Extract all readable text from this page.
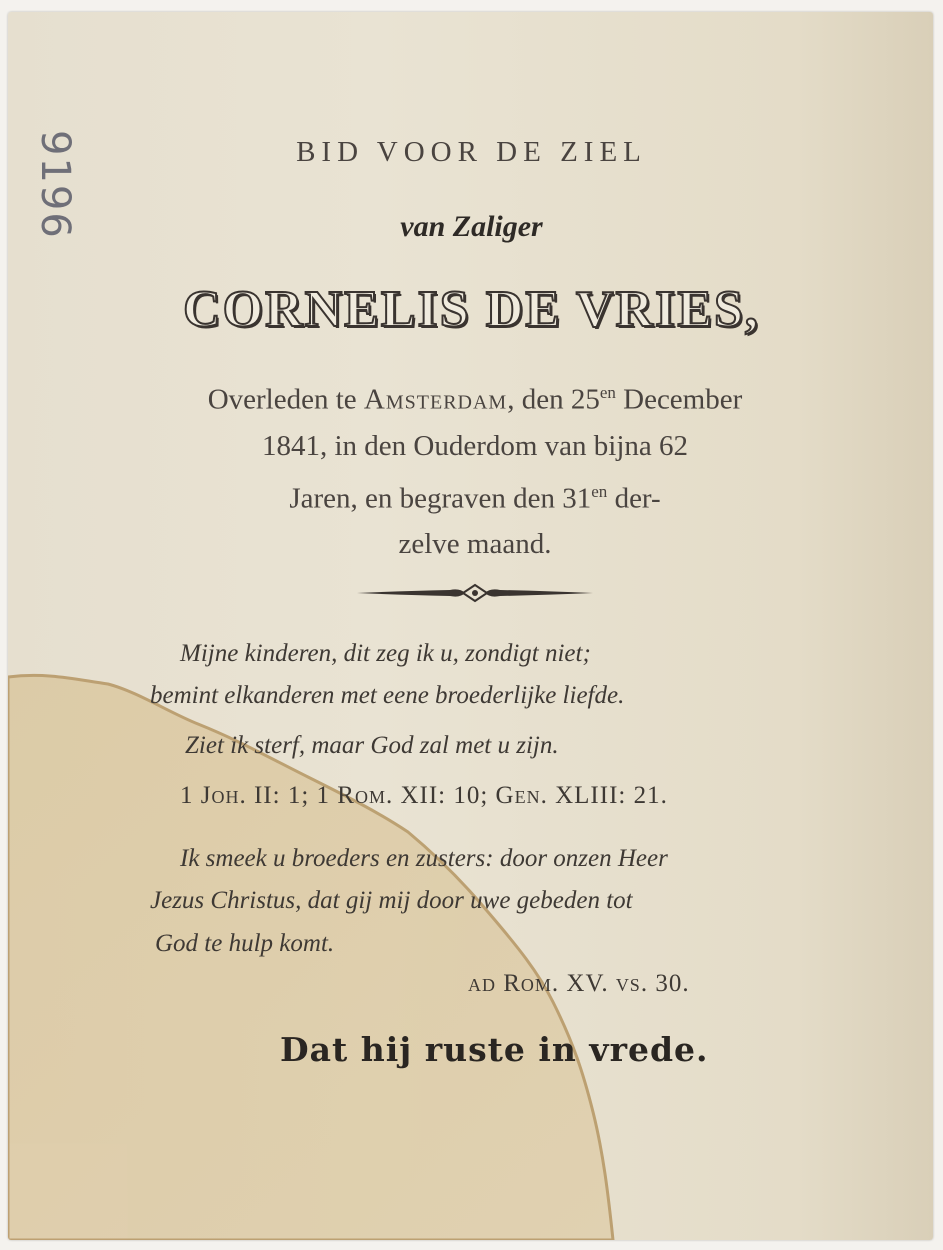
9196	BID VOOR DE ZIEL
van Zaliger
CORNELIS DE VRIES,
Overleden te Amsterdam, den $25^{en}$ December
1841, in den Ouderdom van bijna 62
Jaren, en begraven den $31^{en}$ der-
zelve maand.
Mijne kinderen, dit zeg ik u, zondigt niet;
bemint elkanderen met eene broederlijke liefde.
Ziet ik sterf, maar God zal met u zijn.
1 Joh. II: 1; 1 Rom. XII: 10; Gen. XLIII: 21.
Ik smeek u broeders en zusters: door onzen Heer
Jezus Christus, dat gij mij door uwe gebeden tot
God te hulp komt.
ad Rom. XV. vs. 30.
Dat hij ruste in vrede.
